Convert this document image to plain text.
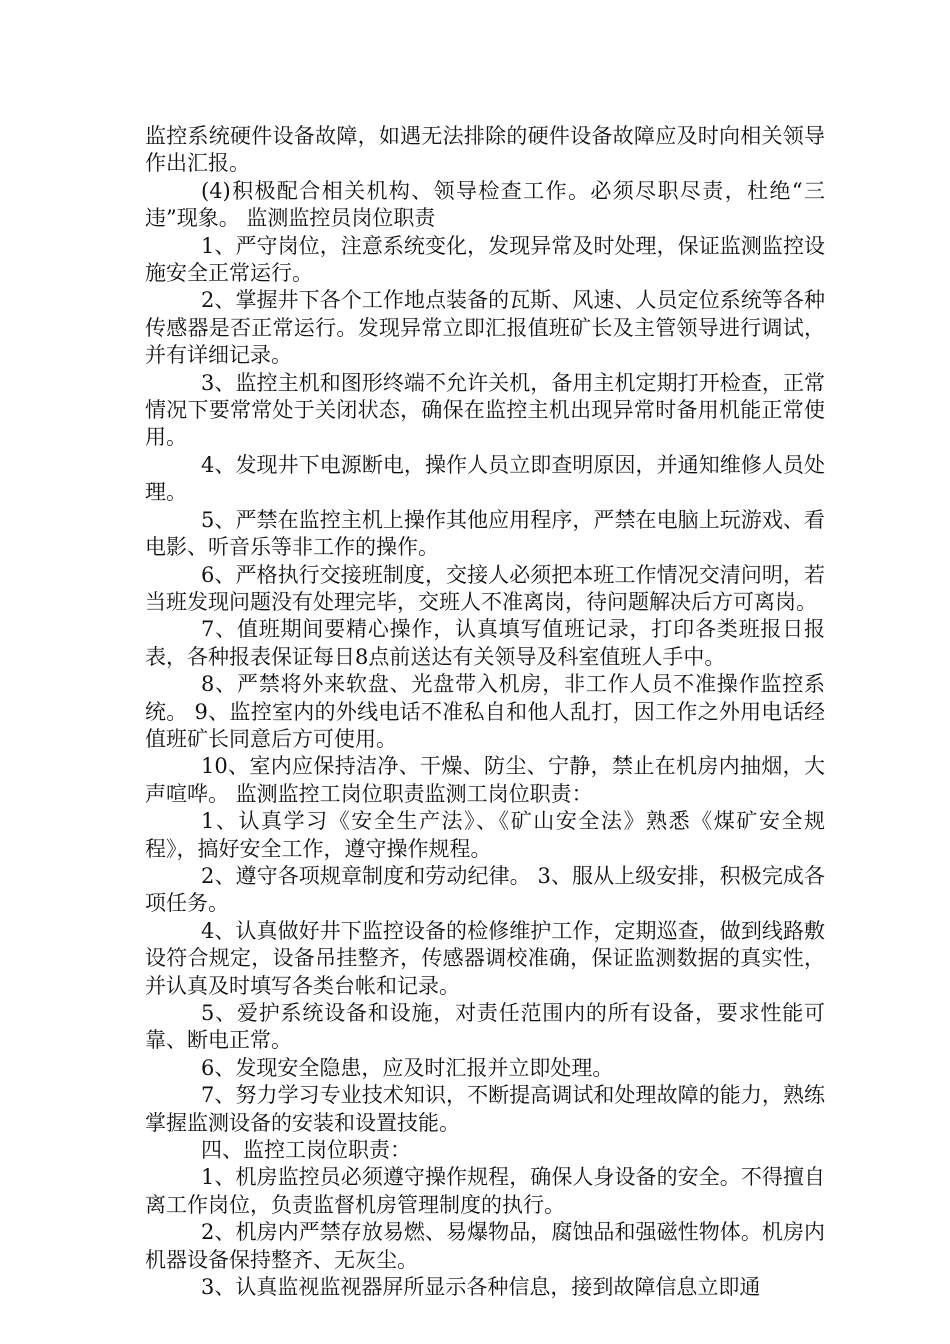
监控系统硬件设备故障，如遇无法排除的硬件设备故障应及时向相关领导作出汇报。

(4)积极配合相关机构、领导检查工作。必须尽职尽责，杜绝“三违”现象。 监测监控员岗位职责

1、严守岗位，注意系统变化，发现异常及时处理，保证监测监控设施安全正常运行。

2、掌握井下各个工作地点装备的瓦斯、风速、人员定位系统等各种传感器是否正常运行。发现异常立即汇报值班矿长及主管领导进行调试，并有详细记录。

3、监控主机和图形终端不允许关机，备用主机定期打开检查，正常情况下要常常处于关闭状态，确保在监控主机出现异常时备用机能正常使用。

4、发现井下电源断电，操作人员立即查明原因，并通知维修人员处理。

5、严禁在监控主机上操作其他应用程序，严禁在电脑上玩游戏、看电影、听音乐等非工作的操作。

6、严格执行交接班制度，交接人必须把本班工作情况交清问明，若当班发现问题没有处理完毕，交班人不准离岗，待问题解决后方可离岗。

7、值班期间要精心操作，认真填写值班记录，打印各类班报日报表，各种报表保证每日8点前送达有关领导及科室值班人手中。

8、严禁将外来软盘、光盘带入机房，非工作人员不准操作监控系统。 9、监控室内的外线电话不准私自和他人乱打，因工作之外用电话经值班矿长同意后方可使用。

10、室内应保持洁净、干燥、防尘、宁静，禁止在机房内抽烟，大声喧哗。 监测监控工岗位职责监测工岗位职责：

1、认真学习《安全生产法》、《矿山安全法》熟悉《煤矿安全规程》，搞好安全工作，遵守操作规程。

2、遵守各项规章制度和劳动纪律。 3、服从上级安排，积极完成各项任务。

4、认真做好井下监控设备的检修维护工作，定期巡查，做到线路敷设符合规定，设备吊挂整齐，传感器调校准确，保证监测数据的真实性，并认真及时填写各类台帐和记录。

5、爱护系统设备和设施，对责任范围内的所有设备，要求性能可靠、断电正常。

6、发现安全隐患，应及时汇报并立即处理。

7、努力学习专业技术知识，不断提高调试和处理故障的能力，熟练掌握监测设备的安装和设置技能。

四、监控工岗位职责：

1、机房监控员必须遵守操作规程，确保人身设备的安全。不得擅自离工作岗位，负责监督机房管理制度的执行。

2、机房内严禁存放易燃、易爆物品，腐蚀品和强磁性物体。机房内机器设备保持整齐、无灰尘。

3、认真监视监视器屏所显示各种信息，接到故障信息立即通
